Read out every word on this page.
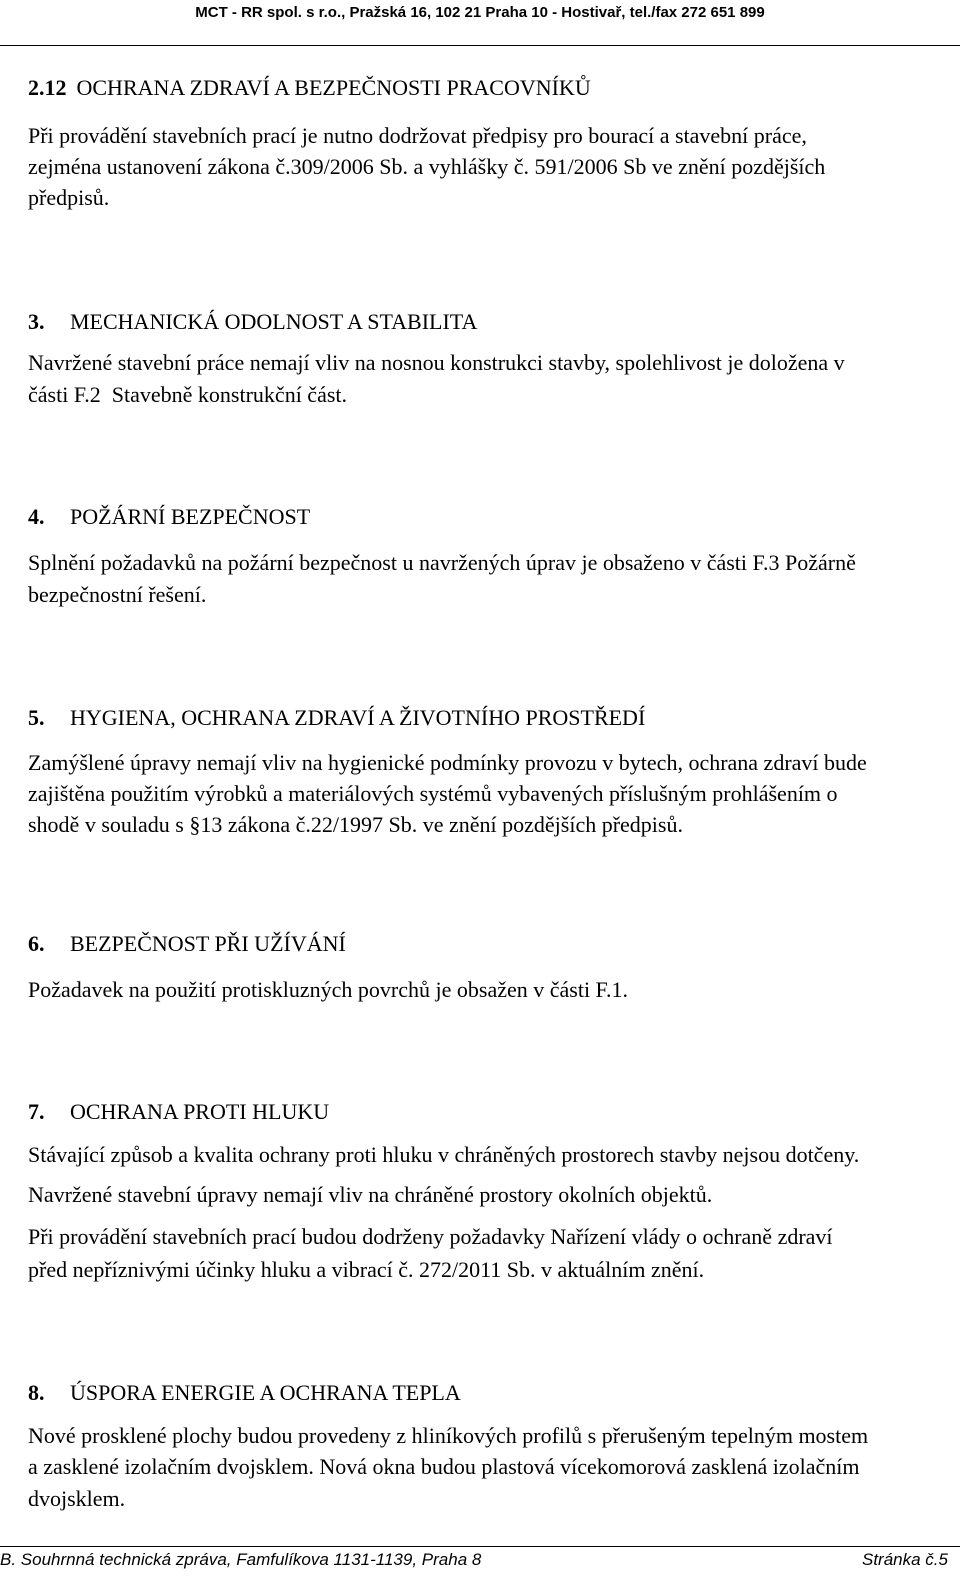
MCT - RR spol. s r.o., Pražská 16, 102 21 Praha 10 - Hostivař, tel./fax 272 651 899
2.12 OCHRANA ZDRAVÍ A BEZPEČNOSTI PRACOVNÍKŮ
Při provádění stavebních prací je nutno dodržovat předpisy pro bourací a stavební práce,
zejména ustanovení zákona č.309/2006 Sb. a vyhlášky č. 591/2006 Sb ve znění pozdějších
předpisů.
3. MECHANICKÁ ODOLNOST A STABILITA
Navržené stavební práce nemají vliv na nosnou konstrukci stavby, spolehlivost je doložena v
části F.2  Stavebně konstrukční část.
4. POŽÁRNÍ BEZPEČNOST
Splnění požadavků na požární bezpečnost u navržených úprav je obsaženo v části F.3 Požárně
bezpečnostní řešení.
5. HYGIENA, OCHRANA ZDRAVÍ A ŽIVOTNÍHO PROSTŘEDÍ
Zamýšlené úpravy nemají vliv na hygienické podmínky provozu v bytech, ochrana zdraví bude
zajištěna použitím výrobků a materiálových systémů vybavených příslušným prohlášením o
shodě v souladu s §13 zákona č.22/1997 Sb. ve znění pozdějších předpisů.
6. BEZPEČNOST PŘI UŽÍVÁNÍ
Požadavek na použití protiskluzných povrchů je obsažen v části F.1.
7. OCHRANA PROTI HLUKU
Stávající způsob a kvalita ochrany proti hluku v chráněných prostorech stavby nejsou dotčeny.
Navržené stavební úpravy nemají vliv na chráněné prostory okolních objektů.
Při provádění stavebních prací budou dodrženy požadavky Nařízení vlády o ochraně zdraví
před nepříznivými účinky hluku a vibrací č. 272/2011 Sb. v aktuálním znění.
8. ÚSPORA ENERGIE A OCHRANA TEPLA
Nové prosklené plochy budou provedeny z hliníkových profilů s přerušeným tepelným mostem
a zasklené izolačním dvojsklem. Nová okna budou plastová vícekomorová zasklená izolačním
dvojsklem.
B. Souhrnná technická zpráva, Famfulíkova 1131-1139, Praha 8	Stránka č.5
